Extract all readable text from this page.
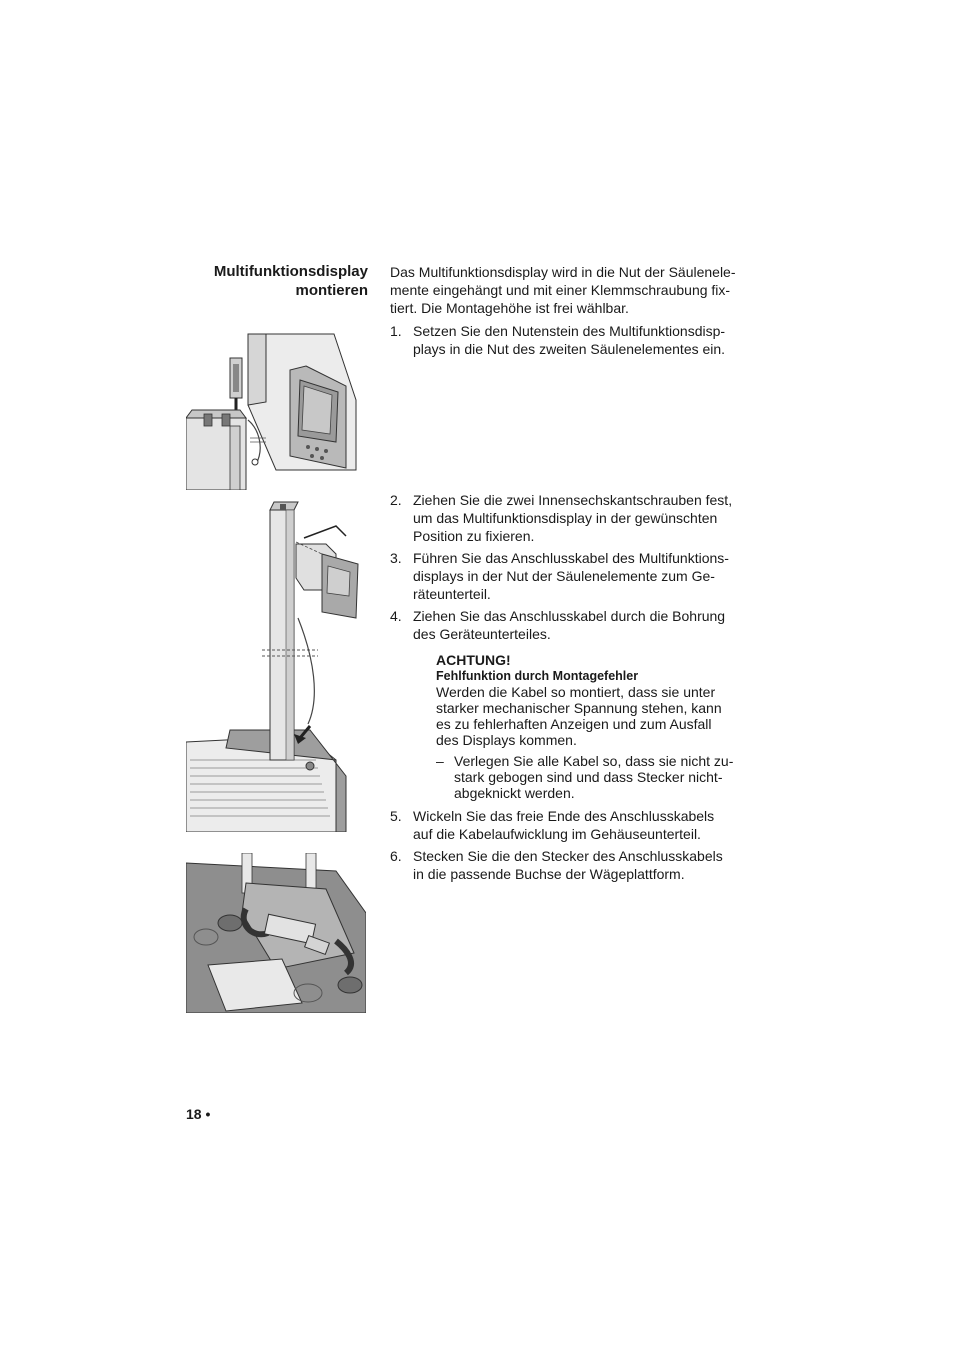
Multifunktionsdisplay
montieren
Das Multifunktionsdisplay wird in die Nut der Säulenele-
mente eingehängt und mit einer Klemmschraubung fix-
tiert. Die Montagehöhe ist frei wählbar.
1. Setzen Sie den Nutenstein des Multifunktionsdisp-
plays in die Nut des zweiten Säulenelementes ein.
2. Ziehen Sie die zwei Innensechskantschrauben fest,
um das Multifunktionsdisplay in der gewünschten
Position zu fixieren.
3. Führen Sie das Anschlusskabel des Multifunktions-
displays in der Nut der Säulenelemente zum Ge-
räteunterteil.
4. Ziehen Sie das Anschlusskabel durch die Bohrung
des Geräteunterteiles.
ACHTUNG!
Fehlfunktion durch Montagefehler
Werden die Kabel so montiert, dass sie unter
starker mechanischer Spannung stehen, kann
es zu fehlerhaften Anzeigen und zum Ausfall
des Displays kommen.
– Verlegen Sie alle Kabel so, dass sie nicht zu-
stark gebogen sind und dass Stecker nicht-
abgeknickt werden.
5. Wickeln Sie das freie Ende des Anschlusskabels
auf die Kabelaufwicklung im Gehäuseunterteil.
6. Stecken Sie die den Stecker des Anschlusskabels
in die passende Buchse der Wägeplattform.
18 •
